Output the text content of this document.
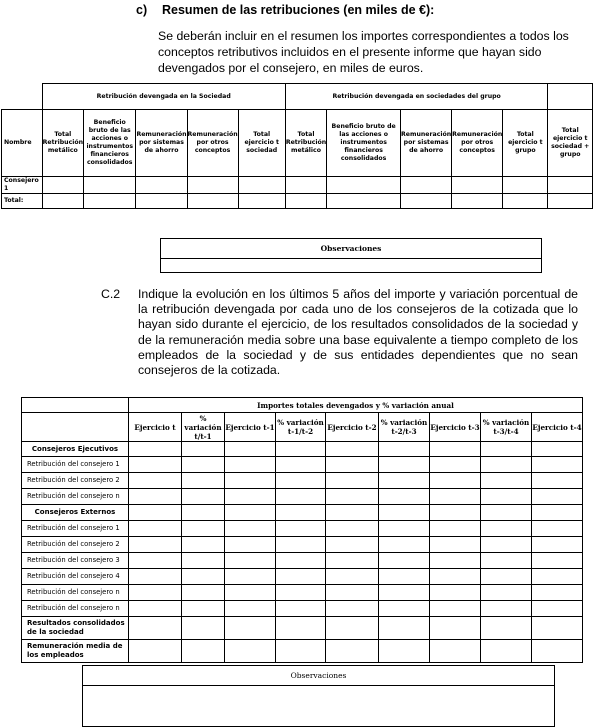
c) Resumen de las retribuciones (en miles de €):
Se deberán incluir en el resumen los importes correspondientes a todos los conceptos retributivos incluidos en el presente informe que hayan sido devengados por el consejero, en miles de euros.
	Retribución devengada en la Sociedad					Retribución devengada en sociedades del grupo					
Nombre	Total Retribución metálico	Beneficio bruto de las acciones o instrumentos financieros consolidados	Remuneración por sistemas de ahorro	Remuneración por otros conceptos	Total ejercicio t sociedad	Total Retribución metálico	Beneficio bruto de las acciones o instrumentos financieros consolidados	Remuneración por sistemas de ahorro	Remuneración por otros conceptos	Total ejercicio t grupo	Total ejercicio t sociedad + grupo
Consejero 1											
Total:											
Observaciones

C.2 Indique la evolución en los últimos 5 años del importe y variación porcentual de la retribución devengada por cada uno de los consejeros de la cotizada que lo hayan sido durante el ejercicio, de los resultados consolidados de la sociedad y de la remuneración media sobre una base equivalente a tiempo completo de los empleados de la sociedad y de sus entidades dependientes que no sean consejeros de la cotizada.
	Importes totales devengados y % variación anual								
	Ejercicio t	% variación t/t-1	Ejercicio t-1	% variación t-1/t-2	Ejercicio t-2	% variación t-2/t-3	Ejercicio t-3	% variación t-3/t-4	Ejercicio t-4
Consejeros Ejecutivos									
Retribución del consejero 1									
Retribución del consejero 2									
Retribución del consejero n									
Consejeros Externos									
Retribución del consejero 1									
Retribución del consejero 2									
Retribución del consejero 3									
Retribución del consejero 4									
Retribución del consejero n									
Retribución del consejero n									
Resultados consolidados de la sociedad									
Remuneración media de los empleados									
Observaciones
